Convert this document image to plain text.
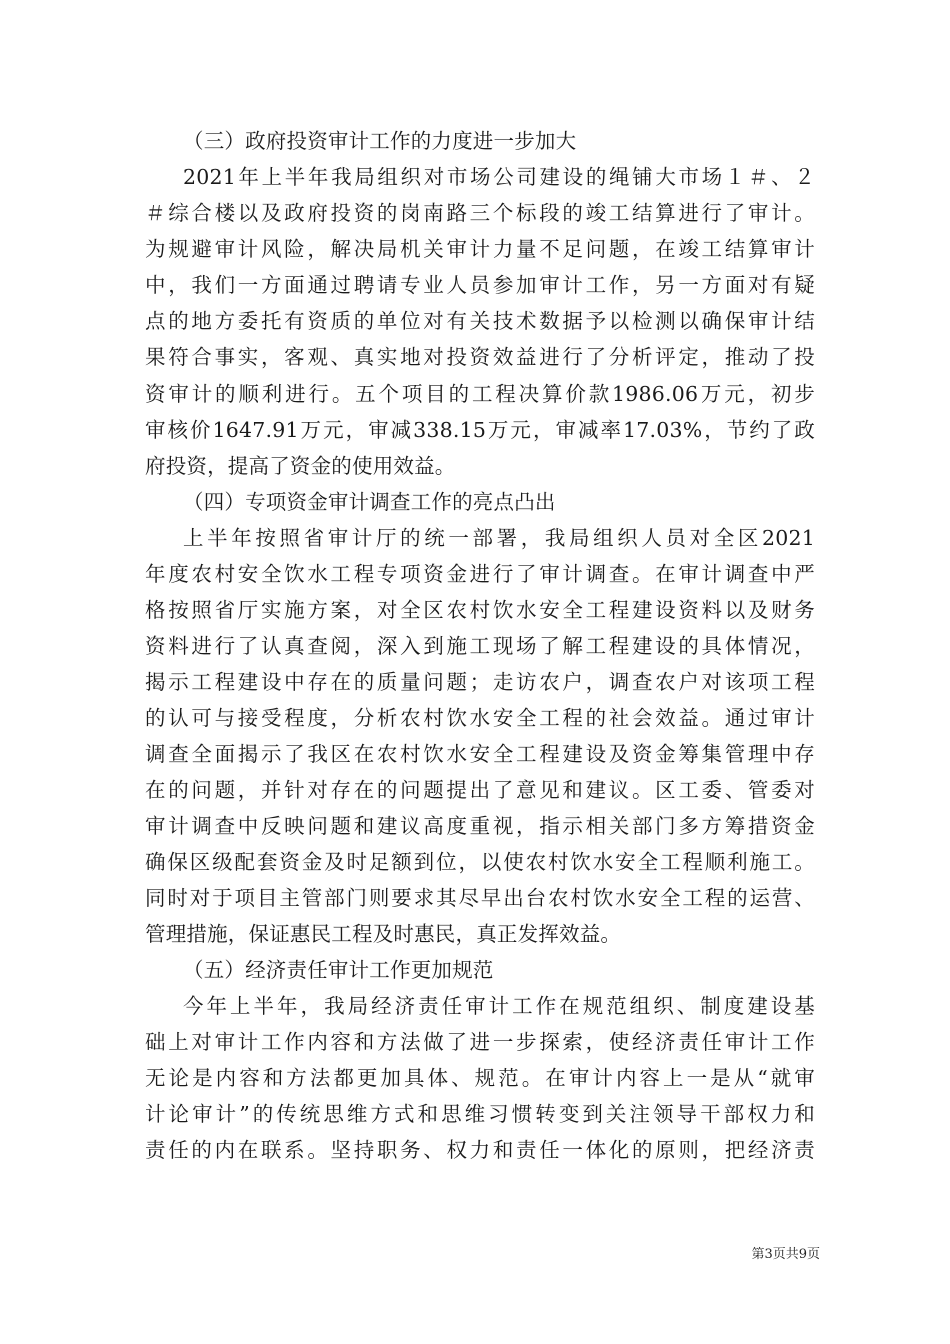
（三）政府投资审计工作的力度进一步加大
2021年上半年我局组织对市场公司建设的绳铺大市场１＃、２
＃综合楼以及政府投资的岗南路三个标段的竣工结算进行了审计。
为规避审计风险，解决局机关审计力量不足问题，在竣工结算审计
中，我们一方面通过聘请专业人员参加审计工作，另一方面对有疑
点的地方委托有资质的单位对有关技术数据予以检测以确保审计结
果符合事实，客观、真实地对投资效益进行了分析评定，推动了投
资审计的顺利进行。五个项目的工程决算价款1986.06万元，初步
审核价1647.91万元，审减338.15万元，审减率17.03%，节约了政
府投资，提高了资金的使用效益。
（四）专项资金审计调查工作的亮点凸出
上半年按照省审计厅的统一部署，我局组织人员对全区2021
年度农村安全饮水工程专项资金进行了审计调查。在审计调查中严
格按照省厅实施方案，对全区农村饮水安全工程建设资料以及财务
资料进行了认真查阅，深入到施工现场了解工程建设的具体情况，
揭示工程建设中存在的质量问题；走访农户，调查农户对该项工程
的认可与接受程度，分析农村饮水安全工程的社会效益。通过审计
调查全面揭示了我区在农村饮水安全工程建设及资金筹集管理中存
在的问题，并针对存在的问题提出了意见和建议。区工委、管委对
审计调查中反映问题和建议高度重视，指示相关部门多方筹措资金
确保区级配套资金及时足额到位，以使农村饮水安全工程顺利施工。
同时对于项目主管部门则要求其尽早出台农村饮水安全工程的运营、
管理措施，保证惠民工程及时惠民，真正发挥效益。
（五）经济责任审计工作更加规范
今年上半年，我局经济责任审计工作在规范组织、制度建设基
础上对审计工作内容和方法做了进一步探索，使经济责任审计工作
无论是内容和方法都更加具体、规范。在审计内容上一是从“就审
计论审计”的传统思维方式和思维习惯转变到关注领导干部权力和
责任的内在联系。坚持职务、权力和责任一体化的原则，把经济责
第3页共9页
